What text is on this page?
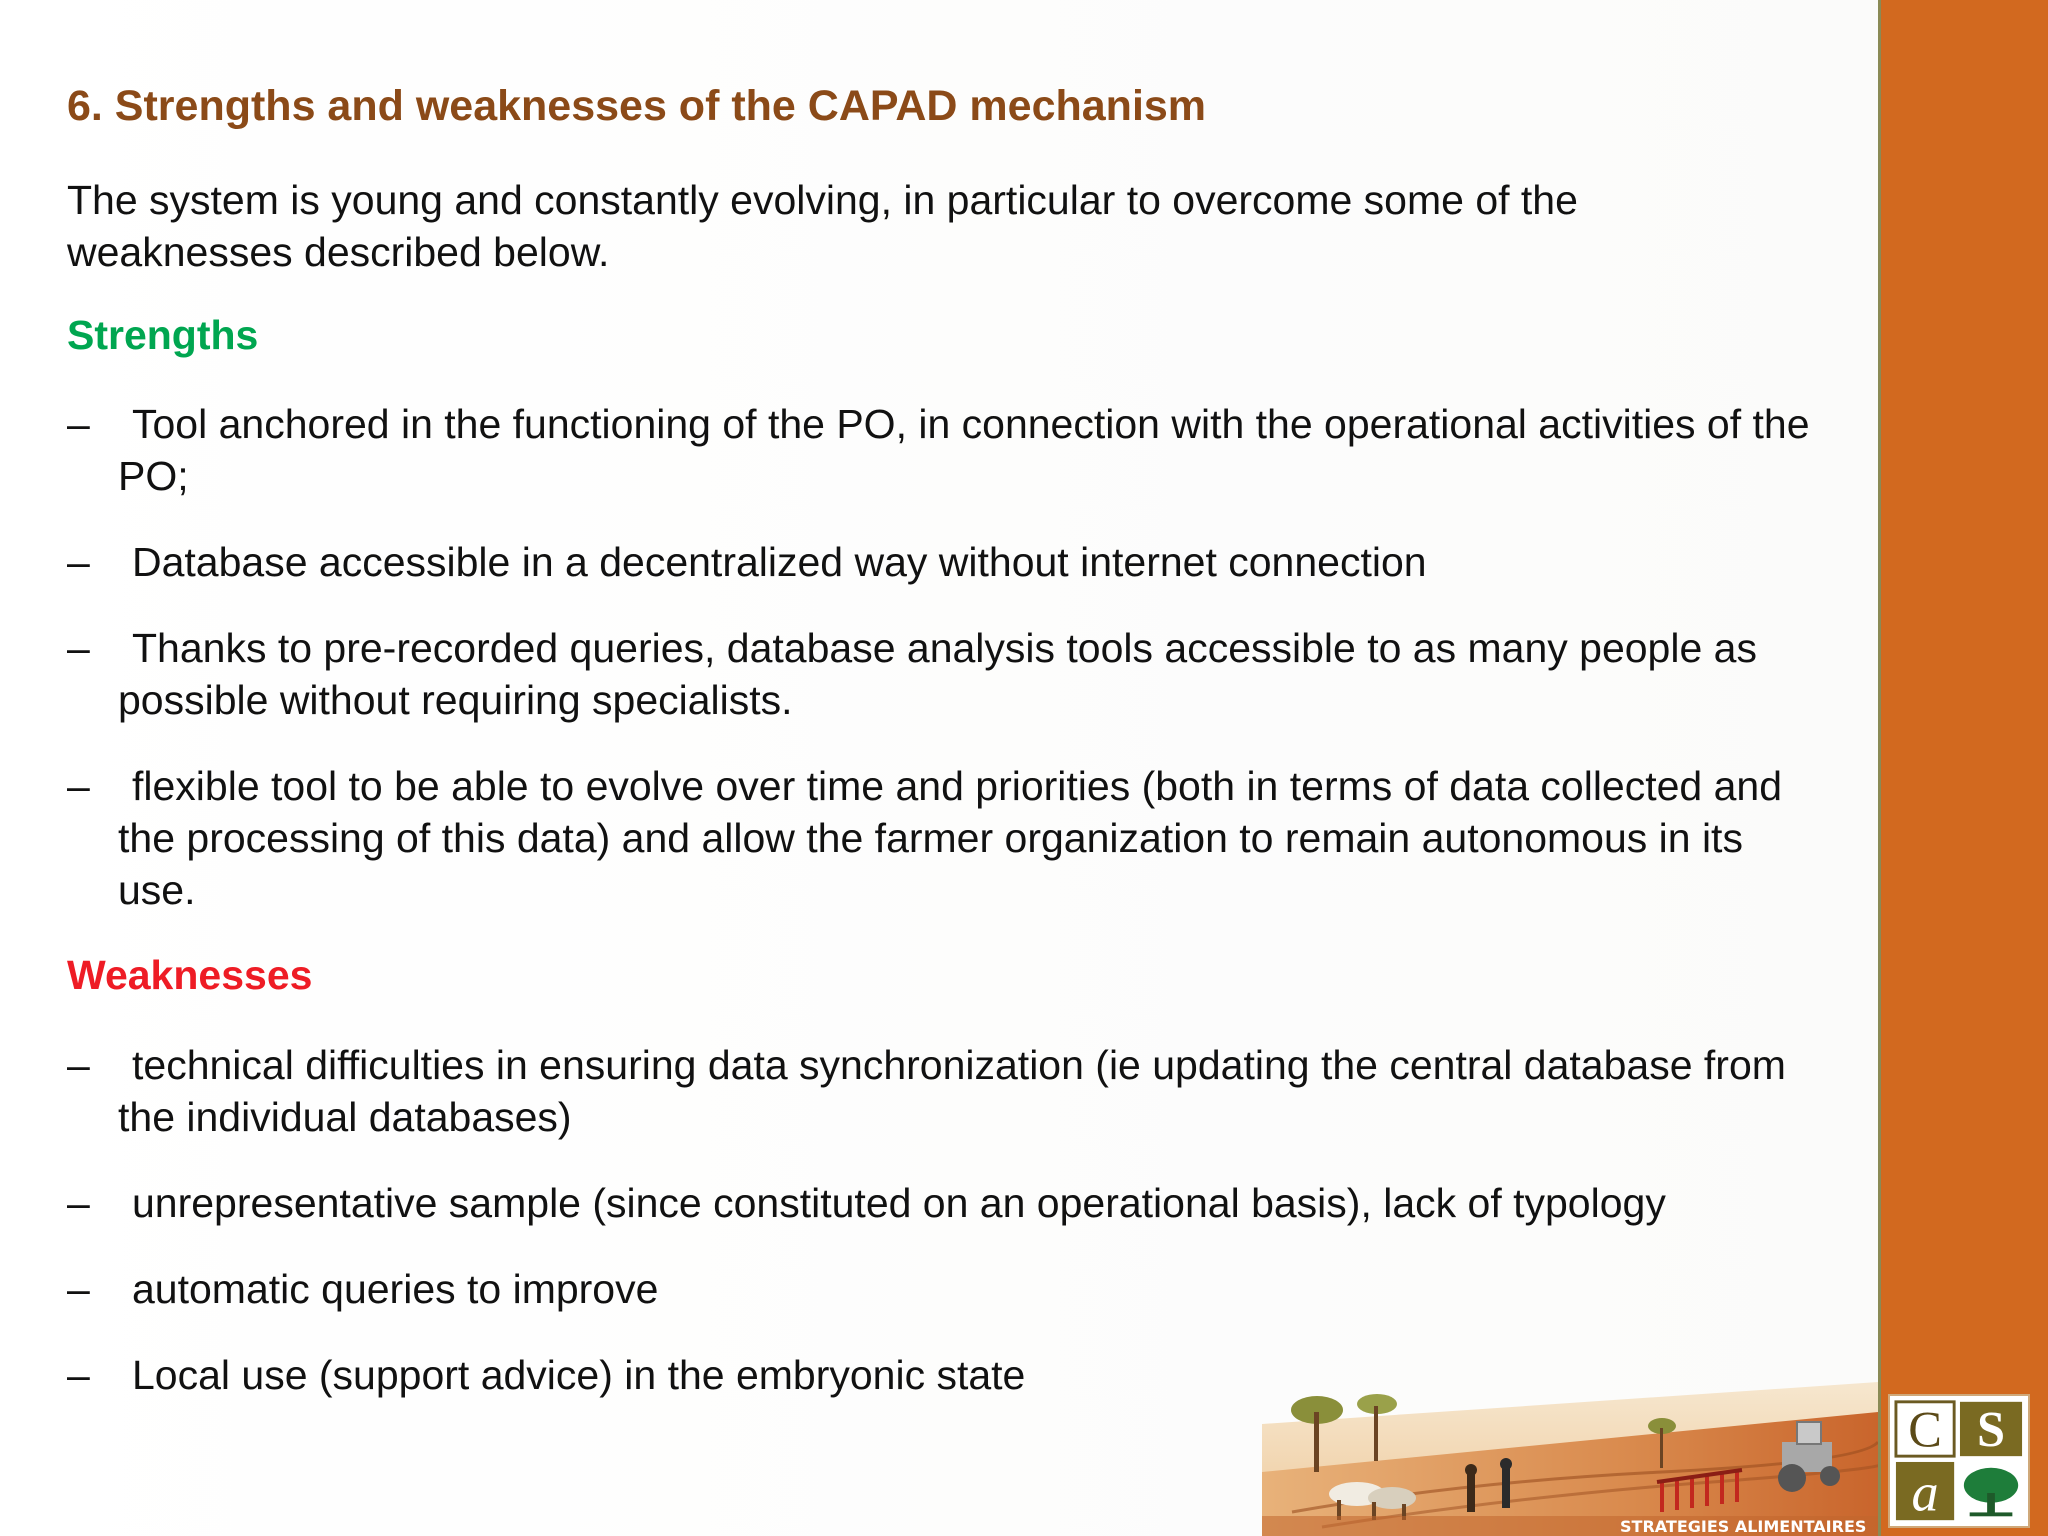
6. Strengths and weaknesses of the CAPAD mechanism

The system is young and constantly evolving, in particular to overcome some of the weaknesses described below.

Strengths
–	Tool anchored in the functioning of the PO, in connection with the operational activities of the PO;
–	Database accessible in a decentralized way without internet connection
–	Thanks to pre-recorded queries, database analysis tools accessible to as many people as possible without requiring specialists.
–	flexible tool to be able to evolve over time and priorities (both in terms of data collected and the processing of this data) and allow the farmer organization to remain autonomous in its use.
Weaknesses
–	technical difficulties in ensuring data synchronization (ie updating the central database from the individual databases)
–	unrepresentative sample (since constituted on an operational basis), lack of typology
–	automatic queries to improve
–	Local use (support advice) in the embryonic state
STRATEGIES ALIMENTAIRES
C S
a
